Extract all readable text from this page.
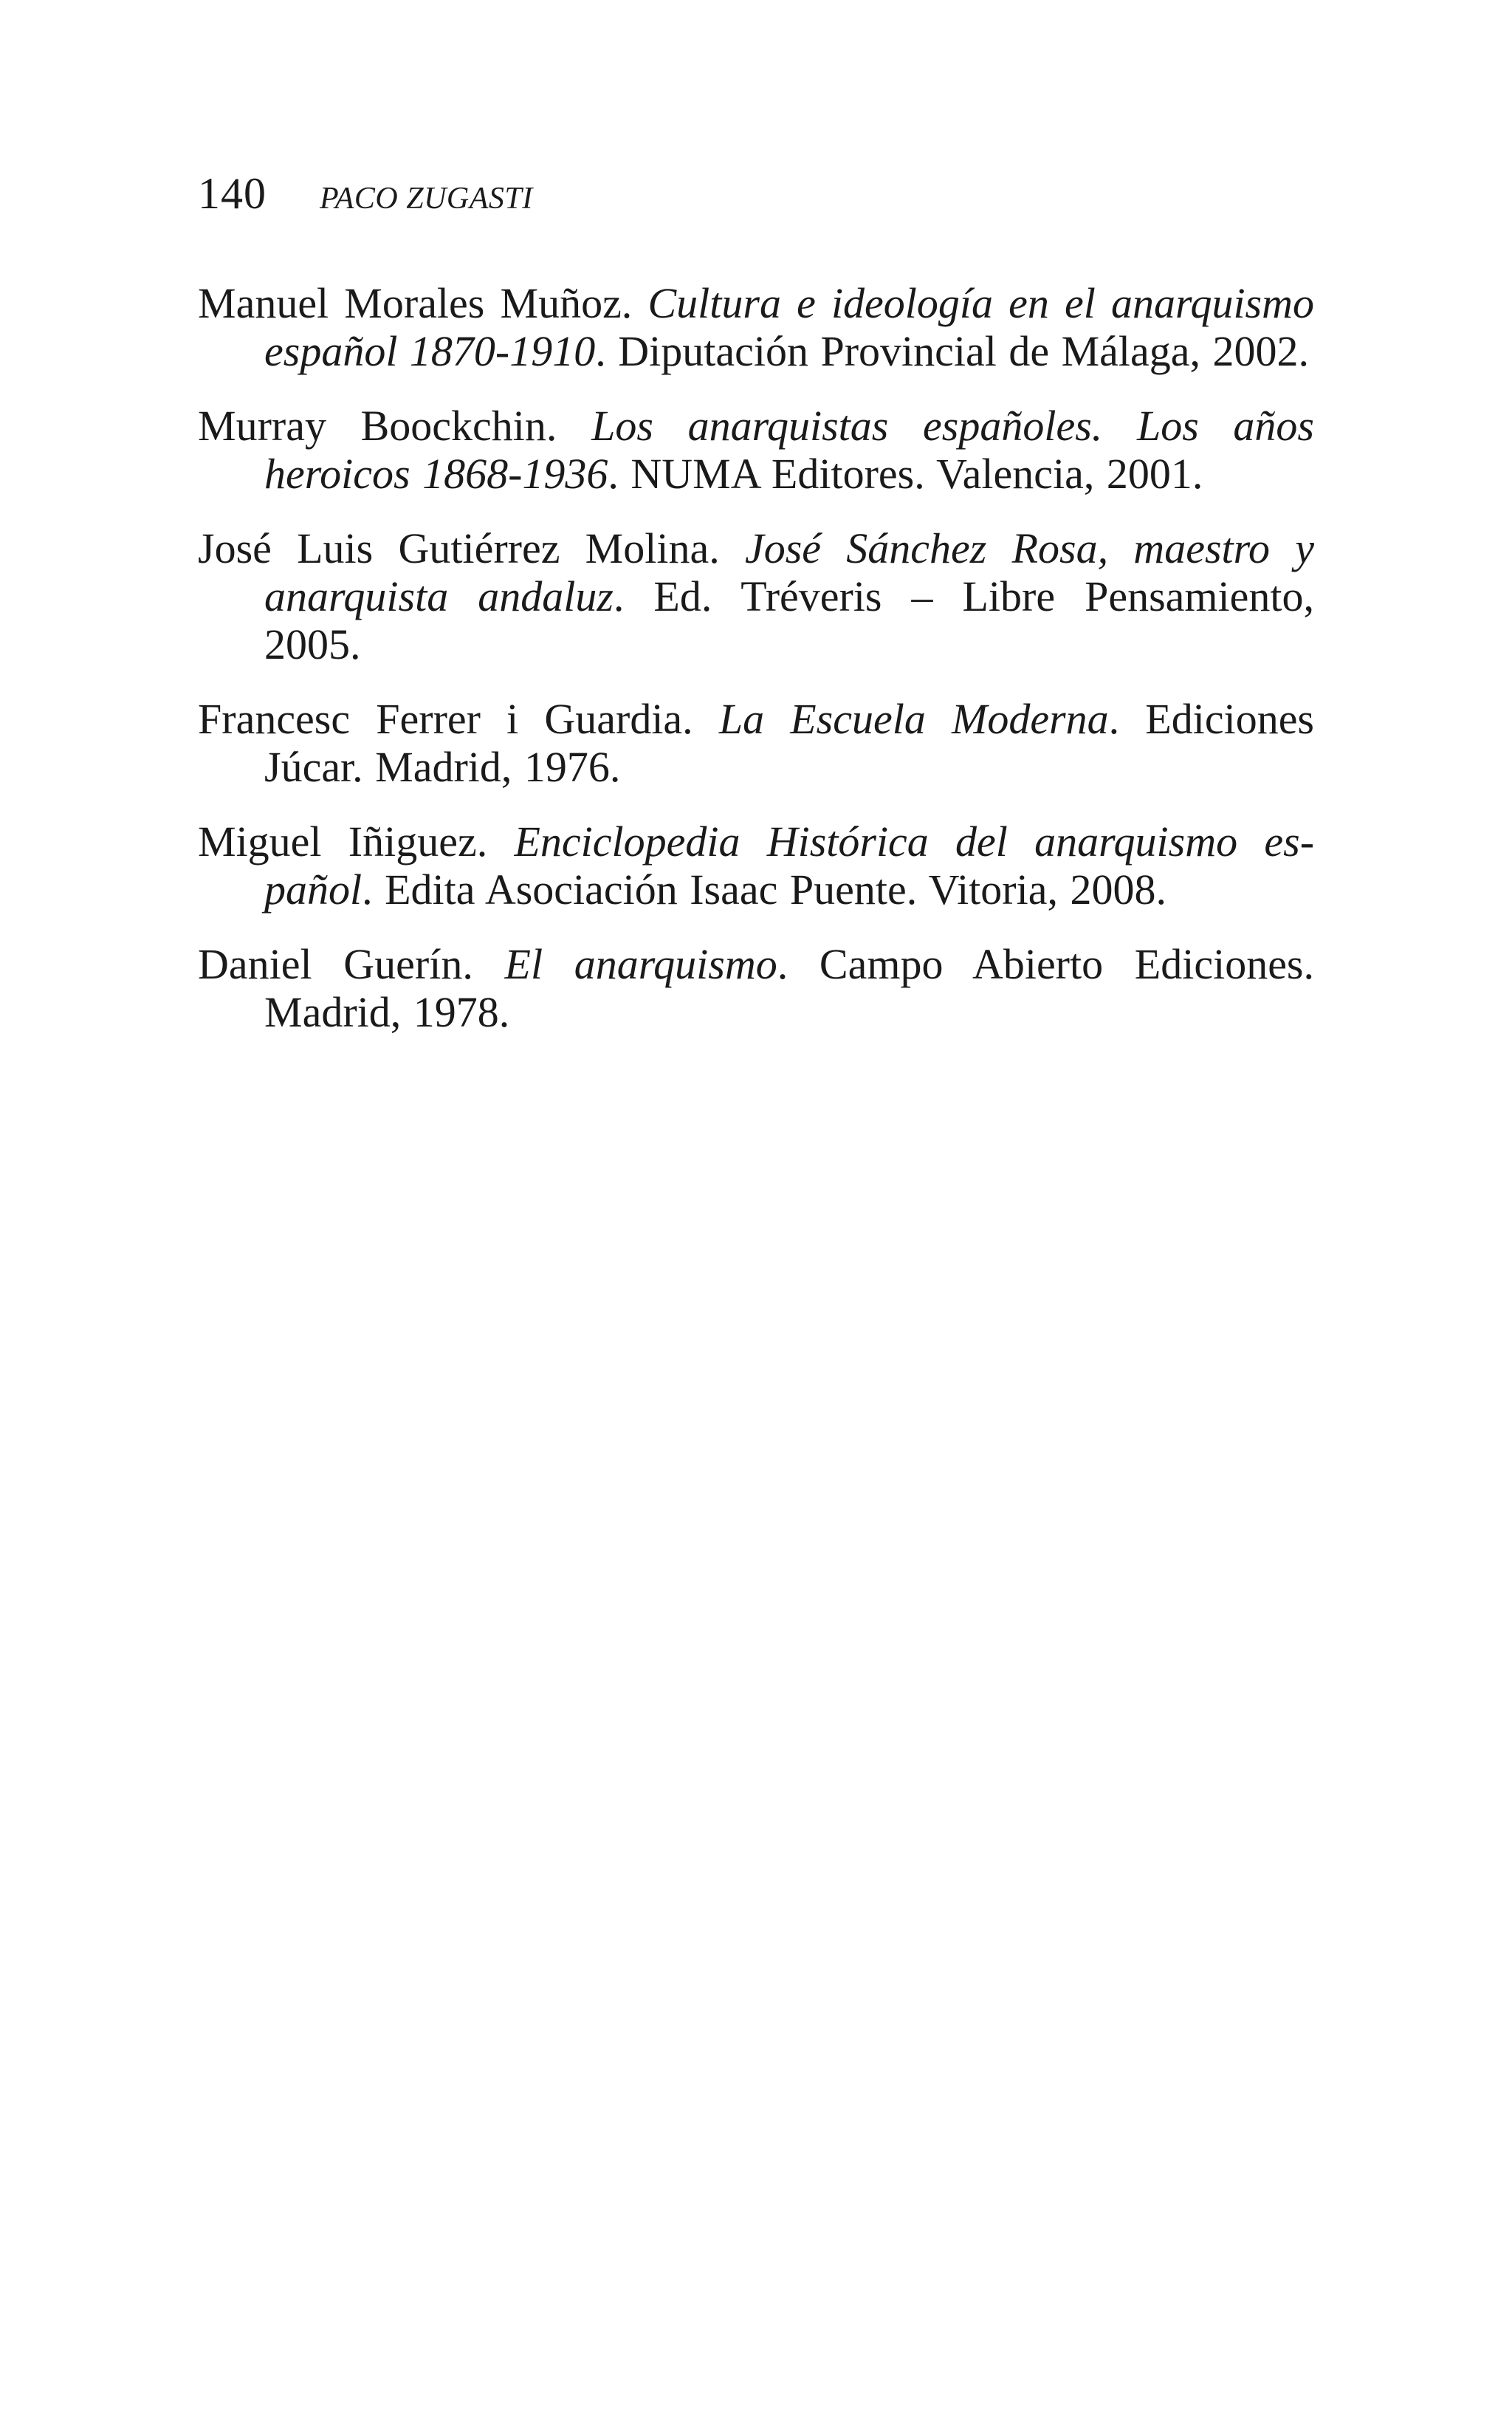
140 PACO ZUGASTI
Manuel Morales Muñoz. Cultura e ideología en el anarquismo español 1870-1910. Diputación Provincial de Málaga, 2002.
Murray Boockchin. Los anarquistas españoles. Los años heroicos 1868-1936. NUMA Editores. Valencia, 2001.
José Luis Gutiérrez Molina. José Sánchez Rosa, maestro y anarquista andaluz. Ed. Tréveris – Libre Pensamiento, 2005.
Francesc Ferrer i Guardia. La Escuela Moderna. Ediciones Júcar. Madrid, 1976.
Miguel Iñiguez. Enciclopedia Histórica del anarquismo español. Edita Asociación Isaac Puente. Vitoria, 2008.
Daniel Guerín. El anarquismo. Campo Abierto Ediciones. Madrid, 1978.
